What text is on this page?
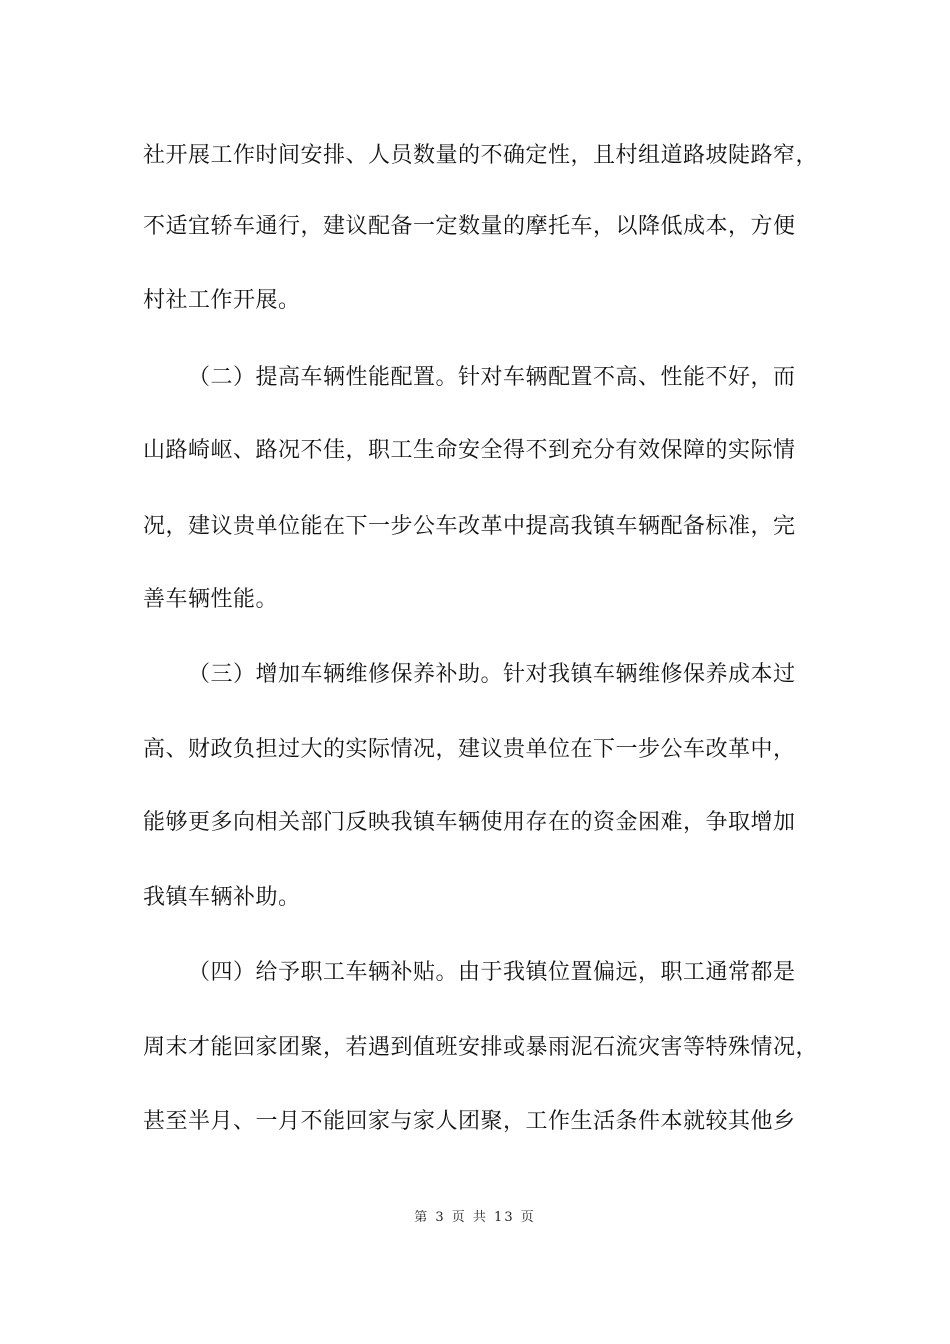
社开展工作时间安排、人员数量的不确定性，且村组道路坡陡路窄，
不适宜轿车通行，建议配备一定数量的摩托车，以降低成本，方便
村社工作开展。
（二）提高车辆性能配置。针对车辆配置不高、性能不好，而
山路崎岖、路况不佳，职工生命安全得不到充分有效保障的实际情
况，建议贵单位能在下一步公车改革中提高我镇车辆配备标准，完
善车辆性能。
（三）增加车辆维修保养补助。针对我镇车辆维修保养成本过
高、财政负担过大的实际情况，建议贵单位在下一步公车改革中，
能够更多向相关部门反映我镇车辆使用存在的资金困难，争取增加
我镇车辆补助。
（四）给予职工车辆补贴。由于我镇位置偏远，职工通常都是
周末才能回家团聚，若遇到值班安排或暴雨泥石流灾害等特殊情况，
甚至半月、一月不能回家与家人团聚，工作生活条件本就较其他乡
第 3 页 共 13 页
